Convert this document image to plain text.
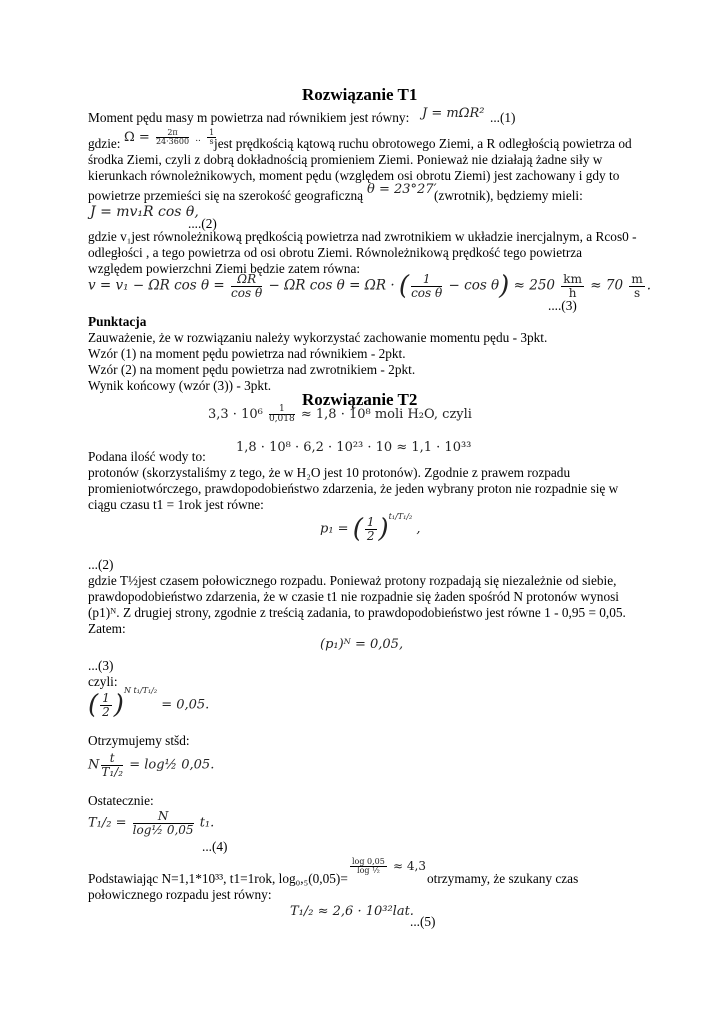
Rozwiązanie T1
Moment pędu masy m powietrza nad równikiem jest równy: J = mΩR² ...(1)
gdzie: $\Omega = \frac{2\pi}{24\cdot 3600}$ .. $\frac{1}{s}$
jest prędkością kątową ruchu obrotowego Ziemi, a R odległością powietrza od
środka Ziemi, czyli z dobrą dokładnością promieniem Ziemi. Ponieważ nie działają żadne siły w
kierunkach równoleżnikowych, moment pędu (względem osi obrotu Ziemi) jest zachowany i gdy to
powietrze przemieści się na szerokość geograficzną θ = 23°27′
(zwrotnik), będziemy mieli:
J = mv₁R cos θ,
....(2)
gdzie v₁jest równoleżnikową prędkością powietrza nad zwrotnikiem w układzie inercjalnym, a Rcos0 -
odległości , a tego powietrza od osi obrotu Ziemi. Równoleżnikową prędkość tego powietrza
względem powierzchni Ziemi będzie zatem równa:
v = v₁ − ΩR $\cos \theta = \frac{\Omega R}{\text{cos θ}} - \Omega R$ cos θ = ΩR · ( $\frac{1}{\text{cos θ}} - \cos \theta) \approx 250 \frac{km}{h} \approx 70 \frac{m}{s}$ .
....(3)
Punktacja
Zauważenie, że w rozwiązaniu należy wykorzystać zachowanie momentu pędu - 3pkt.
Wzór (1) na moment pędu powietrza nad równikiem - 2pkt.
Wzór (2) na moment pędu powietrza nad zwrotnikiem - 2pkt.
Wynik końcowy (wzór (3)) - 3pkt.
Rozwiązanie T2
$3,3 \cdot 10^6 \frac{1}{0,018} \approx 1,8 \cdot 10^8$ moli H₂O, czyli
1,8 · 10⁸ · 6,2 · 10²³ · 10 ≈ 1,1 · 10³³
Podana ilość wody to:
protonów (skorzystaliśmy z tego, że w H₂O jest 10 protonów). Zgodnie z prawem rozpadu
promieniotwórczego, prawdopodobieństwo zdarzenia, że jeden wybrany proton nie rozpadnie się w
ciągu czasu t1 = 1rok jest równe:
p₁ = ( $\frac{1}{2} )^{t_1/T_1/_2}$ ,
...(2)
gdzie T½jest czasem połowicznego rozpadu. Ponieważ protony rozpadają się niezależnie od siebie,
prawdopodobieństwo zdarzenia, że w czasie t1 nie rozpadnie się żaden spośród N protonów wynosi
(p1)ᴺ. Z drugiej strony, zgodnie z treścią zadania, to prawdopodobieństwo jest równe 1 - 0,95 = 0,05.
Zatem:
(p₁)ᴺ = 0,05,
...(3)
czyli:
( $\frac{1}{2} )^{N t_1/T_1/_2} = 0,05$.
Otrzymujemy stšd:
N $\frac{t}{\text{T₁/₂}}$ = log½ 0,05.
Ostatecznie:
$T_1/_2 = \frac{N}{\text{log½ 0,05}} t_1$.
...(4)
Podstawiając N=1,1*10³³, t1=1rok, log₀,₅(0,05)=
$\frac{\log 0,05}{\text{log ½}} \approx 4,3$
otrzymamy, że szukany czas
połowicznego rozpadu jest równy:
T₁/₂ ≈ 2,6 · 10³²lat.
...(5)
